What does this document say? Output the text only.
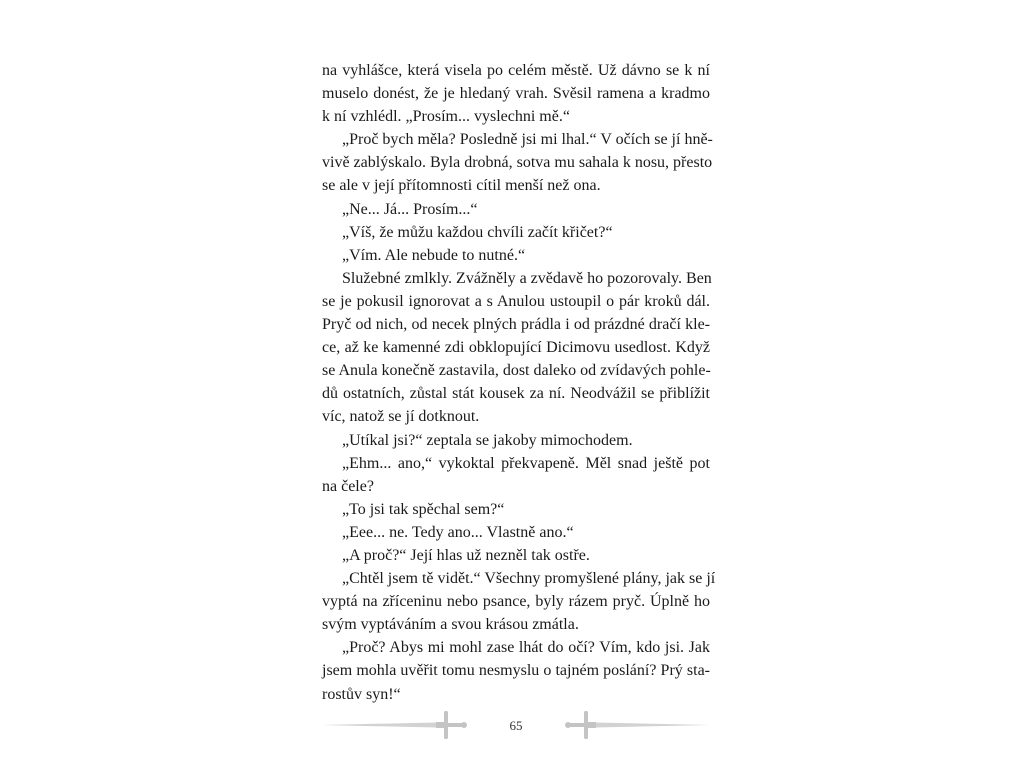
na vyhlášce, která visela po celém městě. Už dávno se k ní
muselo donést, že je hledaný vrah. Svěsil ramena a kradmo
k ní vzhlédl. „Prosím... vyslechni mě.“
„Proč bych měla? Posledně jsi mi lhal.“ V očích se jí hně-
vivě zablýskalo. Byla drobná, sotva mu sahala k nosu, přesto
se ale v její přítomnosti cítil menší než ona.
„Ne... Já... Prosím...“
„Víš, že můžu každou chvíli začít křičet?“
„Vím. Ale nebude to nutné.“
Služebné zmlkly. Zvážněly a zvědavě ho pozorovaly. Ben
se je pokusil ignorovat a s Anulou ustoupil o pár kroků dál.
Pryč od nich, od necek plných prádla i od prázdné dračí kle-
ce, až ke kamenné zdi obklopující Dicimovu usedlost. Když
se Anula konečně zastavila, dost daleko od zvídavých pohle-
dů ostatních, zůstal stát kousek za ní. Neodvážil se přiblížit
víc, natož se jí dotknout.
„Utíkal jsi?“ zeptala se jakoby mimochodem.
„Ehm... ano,“ vykoktal překvapeně. Měl snad ještě pot
na čele?
„To jsi tak spěchal sem?“
„Eee... ne. Tedy ano... Vlastně ano.“
„A proč?“ Její hlas už nezněl tak ostře.
„Chtěl jsem tě vidět.“ Všechny promyšlené plány, jak se jí
vyptá na zříceninu nebo psance, byly rázem pryč. Úplně ho
svým vyptáváním a svou krásou zmátla.
„Proč? Abys mi mohl zase lhát do očí? Vím, kdo jsi. Jak
jsem mohla uvěřit tomu nesmyslu o tajném poslání? Prý sta-
rostův syn!“
65
